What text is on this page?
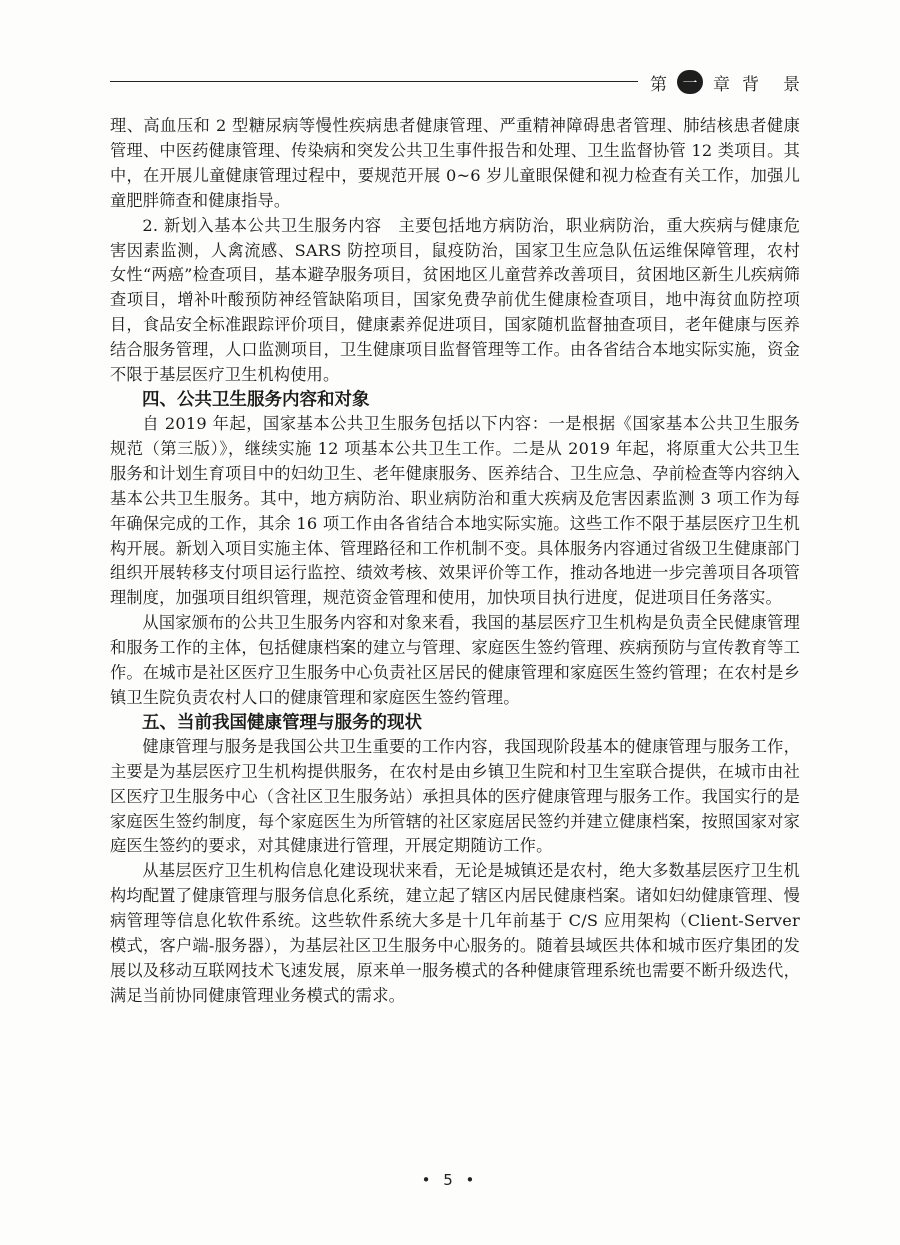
第	一 章 背 景

理、高血压和 2 型糖尿病等慢性疾病患者健康管理、严重精神障碍患者管理、肺结核患者健康管理、中医药健康管理、传染病和突发公共卫生事件报告和处理、卫生监督协管 12 类项目。其中，在开展儿童健康管理过程中，要规范开展 0~6 岁儿童眼保健和视力检查有关工作，加强儿童肥胖筛查和健康指导。

2. 新划入基本公共卫生服务内容　主要包括地方病防治，职业病防治，重大疾病与健康危害因素监测，人禽流感、SARS 防控项目，鼠疫防治，国家卫生应急队伍运维保障管理，农村女性“两癌”检查项目，基本避孕服务项目，贫困地区儿童营养改善项目，贫困地区新生儿疾病筛查项目，增补叶酸预防神经管缺陷项目，国家免费孕前优生健康检查项目，地中海贫血防控项目，食品安全标准跟踪评价项目，健康素养促进项目，国家随机监督抽查项目，老年健康与医养结合服务管理，人口监测项目，卫生健康项目监督管理等工作。由各省结合本地实际实施，资金不限于基层医疗卫生机构使用。

四、公共卫生服务内容和对象

自 2019 年起，国家基本公共卫生服务包括以下内容：一是根据《国家基本公共卫生服务规范（第三版）》，继续实施 12 项基本公共卫生工作。二是从 2019 年起，将原重大公共卫生服务和计划生育项目中的妇幼卫生、老年健康服务、医养结合、卫生应急、孕前检查等内容纳入基本公共卫生服务。其中，地方病防治、职业病防治和重大疾病及危害因素监测 3 项工作为每年确保完成的工作，其余 16 项工作由各省结合本地实际实施。这些工作不限于基层医疗卫生机构开展。新划入项目实施主体、管理路径和工作机制不变。具体服务内容通过省级卫生健康部门组织开展转移支付项目运行监控、绩效考核、效果评价等工作，推动各地进一步完善项目各项管理制度，加强项目组织管理，规范资金管理和使用，加快项目执行进度，促进项目任务落实。

从国家颁布的公共卫生服务内容和对象来看，我国的基层医疗卫生机构是负责全民健康管理和服务工作的主体，包括健康档案的建立与管理、家庭医生签约管理、疾病预防与宣传教育等工作。在城市是社区医疗卫生服务中心负责社区居民的健康管理和家庭医生签约管理；在农村是乡镇卫生院负责农村人口的健康管理和家庭医生签约管理。

五、当前我国健康管理与服务的现状

健康管理与服务是我国公共卫生重要的工作内容，我国现阶段基本的健康管理与服务工作，主要是为基层医疗卫生机构提供服务，在农村是由乡镇卫生院和村卫生室联合提供，在城市由社区医疗卫生服务中心（含社区卫生服务站）承担具体的医疗健康管理与服务工作。我国实行的是家庭医生签约制度，每个家庭医生为所管辖的社区家庭居民签约并建立健康档案，按照国家对家庭医生签约的要求，对其健康进行管理，开展定期随访工作。

从基层医疗卫生机构信息化建设现状来看，无论是城镇还是农村，绝大多数基层医疗卫生机构均配置了健康管理与服务信息化系统，建立起了辖区内居民健康档案。诸如妇幼健康管理、慢病管理等信息化软件系统。这些软件系统大多是十几年前基于 C/S 应用架构（Client-Server 模式，客户端-服务器），为基层社区卫生服务中心服务的。随着县域医共体和城市医疗集团的发展以及移动互联网技术飞速发展，原来单一服务模式的各种健康管理系统也需要不断升级迭代，满足当前协同健康管理业务模式的需求。

• 5 •
